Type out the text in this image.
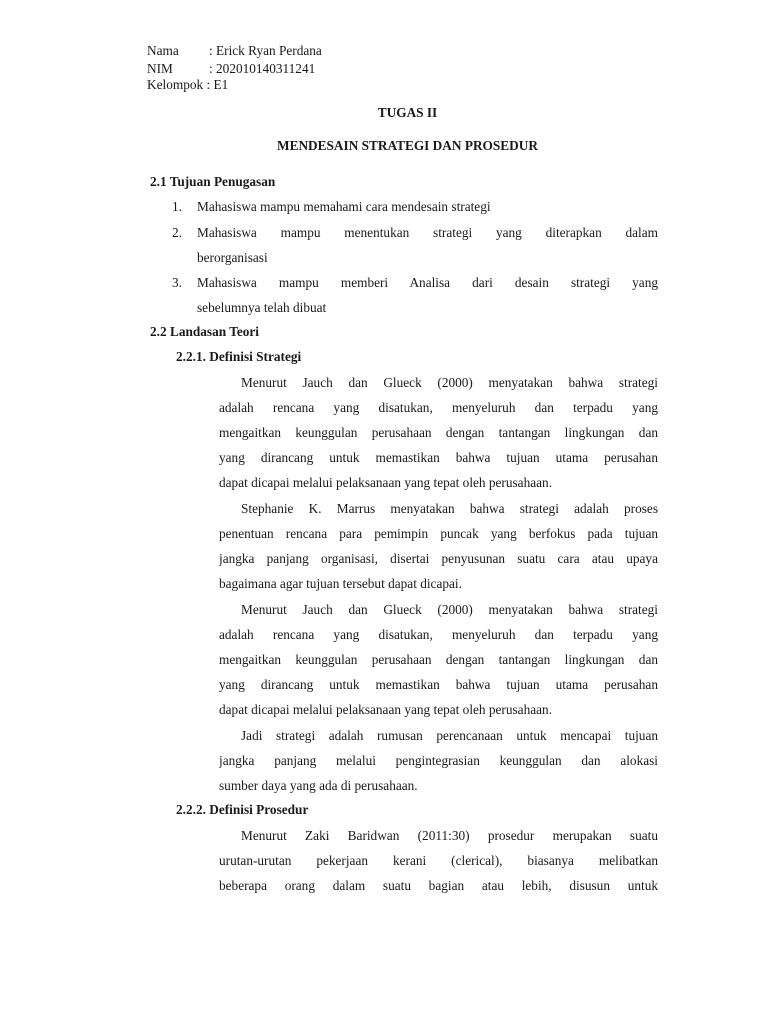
Nama : Erick Ryan Perdana
NIM	: 202010140311241
Kelompok : E1
TUGAS II
MENDESAIN STRATEGI DAN PROSEDUR
2.1 Tujuan Penugasan
1.	Mahasiswa mampu memahami cara mendesain strategi
2.	Mahasiswa mampu menentukan strategi yang diterapkan dalam
berorganisasi
3.	Mahasiswa mampu memberi Analisa dari desain strategi yang
sebelumnya telah dibuat
2.2 Landasan Teori
2.2.1. Definisi Strategi
Menurut Jauch dan Glueck (2000) menyatakan bahwa strategi
adalah rencana yang disatukan, menyeluruh dan terpadu yang
mengaitkan keunggulan perusahaan dengan tantangan lingkungan dan
yang dirancang untuk memastikan bahwa tujuan utama perusahan
dapat dicapai melalui pelaksanaan yang tepat oleh perusahaan.
Stephanie K. Marrus menyatakan bahwa strategi adalah proses
penentuan rencana para pemimpin puncak yang berfokus pada tujuan
jangka panjang organisasi, disertai penyusunan suatu cara atau upaya
bagaimana agar tujuan tersebut dapat dicapai.
Menurut Jauch dan Glueck (2000) menyatakan bahwa strategi
adalah rencana yang disatukan, menyeluruh dan terpadu yang
mengaitkan keunggulan perusahaan dengan tantangan lingkungan dan
yang dirancang untuk memastikan bahwa tujuan utama perusahan
dapat dicapai melalui pelaksanaan yang tepat oleh perusahaan.
Jadi strategi adalah rumusan perencanaan untuk mencapai tujuan
jangka panjang melalui pengintegrasian keunggulan dan alokasi
sumber daya yang ada di perusahaan.
2.2.2. Definisi Prosedur
Menurut Zaki Baridwan (2011:30) prosedur merupakan suatu
urutan-urutan pekerjaan kerani (clerical), biasanya melibatkan
beberapa orang dalam suatu bagian atau lebih, disusun untuk
